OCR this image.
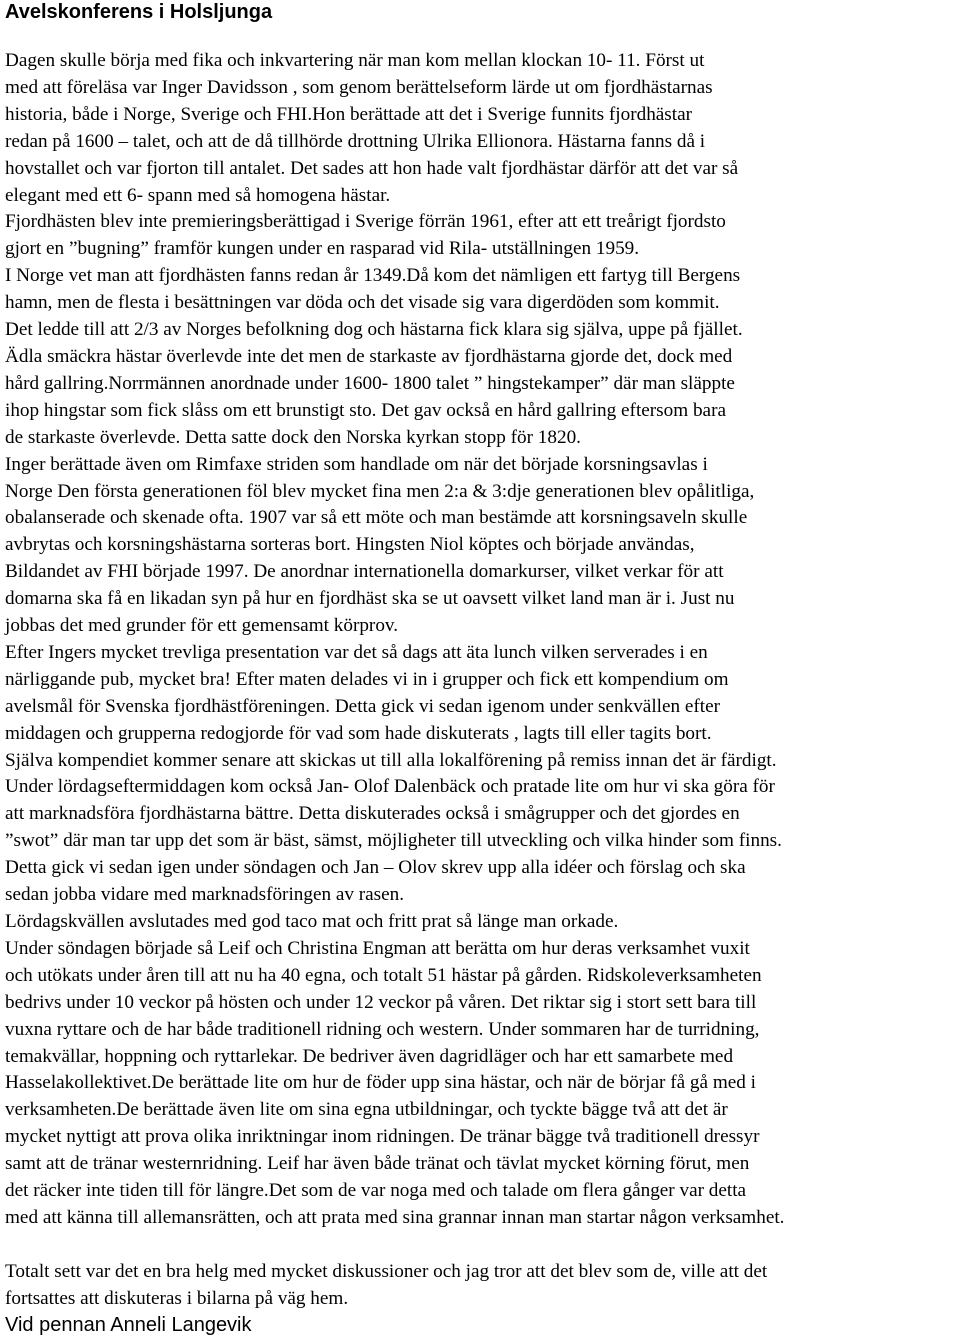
Avelskonferens i Holsljunga
Dagen skulle börja med fika och inkvartering när man kom mellan klockan 10- 11. Först ut
med att föreläsa var Inger Davidsson , som genom berättelseform lärde ut om fjordhästarnas
historia, både i Norge, Sverige och FHI.Hon berättade att det i Sverige funnits fjordhästar
redan på 1600 – talet, och att de då tillhörde drottning Ulrika Ellionora. Hästarna fanns då i
hovstallet och var fjorton till antalet. Det sades att hon hade valt fjordhästar därför att det var så
elegant med ett 6- spann med så homogena hästar.
Fjordhästen blev inte premieringsberättigad i Sverige förrän 1961, efter att ett treårigt fjordsto
gjort en ”bugning” framför kungen under en rasparad vid Rila- utställningen 1959.
I Norge vet man att fjordhästen fanns redan år 1349.Då kom det nämligen ett fartyg till Bergens
hamn, men de flesta i besättningen var döda och det visade sig vara digerdöden som kommit.
Det ledde till att 2/3 av Norges befolkning dog och hästarna fick klara sig själva, uppe på fjället.
Ädla smäckra hästar överlevde inte det men de starkaste av fjordhästarna gjorde det, dock med
hård gallring.Norrmännen anordnade under 1600- 1800 talet ” hingstekamper” där man släppte
ihop hingstar som fick slåss om ett brunstigt sto. Det gav också en hård gallring eftersom bara
de starkaste överlevde. Detta satte dock den Norska kyrkan stopp för 1820.
Inger berättade även om Rimfaxe striden som handlade om när det började korsningsavlas i
Norge Den första generationen föl blev mycket fina men 2:a & 3:dje generationen blev opålitliga,
obalanserade och skenade ofta. 1907 var så ett möte och man bestämde att korsningsaveln skulle
avbrytas och korsningshästarna sorteras bort. Hingsten Niol köptes och började användas,
Bildandet av FHI började 1997. De anordnar internationella domarkurser, vilket verkar för att
domarna ska få en likadan syn på hur en fjordhäst ska se ut oavsett vilket land man är i. Just nu
jobbas det med grunder för ett gemensamt körprov.
Efter Ingers mycket trevliga presentation var det så dags att äta lunch vilken serverades i en
närliggande pub, mycket bra! Efter maten delades vi in i grupper och fick ett kompendium om
avelsmål för Svenska fjordhästföreningen. Detta gick vi sedan igenom under senkvällen efter
middagen och grupperna redogjorde för vad som hade diskuterats , lagts till eller tagits bort.
Själva kompendiet kommer senare att skickas ut till alla lokalförening på remiss innan det är färdigt.
Under lördagseftermiddagen kom också Jan- Olof Dalenbäck och pratade lite om hur vi ska göra för
att marknadsföra fjordhästarna bättre. Detta diskuterades också i smågrupper och det gjordes en
”swot” där man tar upp det som är bäst, sämst, möjligheter till utveckling och vilka hinder som finns.
Detta gick vi sedan igen under söndagen och Jan – Olov skrev upp alla idéer och förslag och ska
sedan jobba vidare med marknadsföringen av rasen.
Lördagskvällen avslutades med god taco mat och fritt prat så länge man orkade.
Under söndagen började så Leif och Christina Engman att berätta om hur deras verksamhet vuxit
och utökats under åren till att nu ha 40 egna, och totalt 51 hästar på gården. Ridskoleverksamheten
bedrivs under 10 veckor på hösten och under 12 veckor på våren. Det riktar sig i stort sett bara till
vuxna ryttare och de har både traditionell ridning och western. Under sommaren har de turridning,
temakvällar, hoppning och ryttarlekar. De bedriver även dagridläger och har ett samarbete med
Hasselakollektivet.De berättade lite om hur de föder upp sina hästar, och när de börjar få gå med i
verksamheten.De berättade även lite om sina egna utbildningar, och tyckte bägge två att det är
mycket nyttigt att prova olika inriktningar inom ridningen. De tränar bägge två traditionell dressyr
samt att de tränar westernridning. Leif har även både tränat och tävlat mycket körning förut, men
det räcker inte tiden till för längre.Det som de var noga med och talade om flera gånger var detta
med att känna till allemansrätten, och att prata med sina grannar innan man startar någon verksamhet.
Totalt sett var det en bra helg med mycket diskussioner och jag tror att det blev som de, ville att det
fortsattes att diskuteras i bilarna på väg hem.
Vid pennan Anneli Langevik
